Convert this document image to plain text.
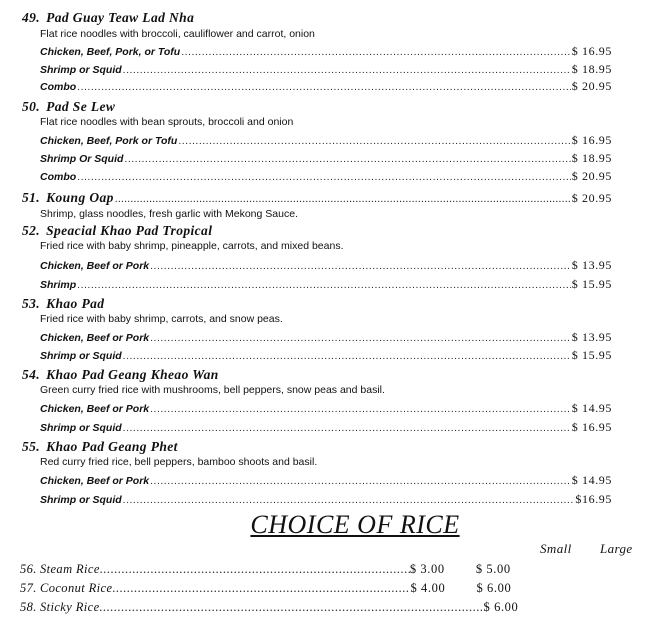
49. Pad Guay Teaw Lad Nha
Flat rice noodles with broccoli, cauliflower and carrot, onion
Chicken, Beef, Pork, or Tofu .....	$ 16.95
Shrimp or Squid .....	$ 18.95
Combo .....	$ 20.95
50. Pad Se Lew
Flat rice noodles with bean sprouts, broccoli and onion
Chicken, Beef, Pork or Tofu .....	$ 16.95
Shrimp Or Squid .....	$ 18.95
Combo .....	$ 20.95
51. Koung Oap .....	$ 20.95
Shrimp, glass noodles, fresh garlic with Mekong Sauce.
52. Speacial Khao Pad Tropical
Fried rice with baby shrimp, pineapple, carrots, and mixed beans.
Chicken, Beef or Pork .....	$ 13.95
Shrimp .....	$ 15.95
53. Khao Pad
Fried rice with baby shrimp, carrots, and snow peas.
Chicken, Beef or Pork .....	$ 13.95
Shrimp or Squid .....	$ 15.95
54. Khao Pad Geang Kheao Wan
Green curry fried rice with mushrooms, bell peppers, snow peas and basil.
Chicken, Beef or Pork .....	$ 14.95
Shrimp or Squid .....	$ 16.95
55. Khao Pad Geang Phet
Red curry fried rice, bell peppers, bamboo shoots and basil.
Chicken, Beef or Pork .....	$ 14.95
Shrimp or Squid .....	$16.95
CHOICE OF RICE
Small Large
56.
Steam Rice .....	$ 3.00	$ 5.00
57.
Coconut Rice .....	$ 4.00	$ 6.00
58.
Sticky Rice .....	$ 6.00
